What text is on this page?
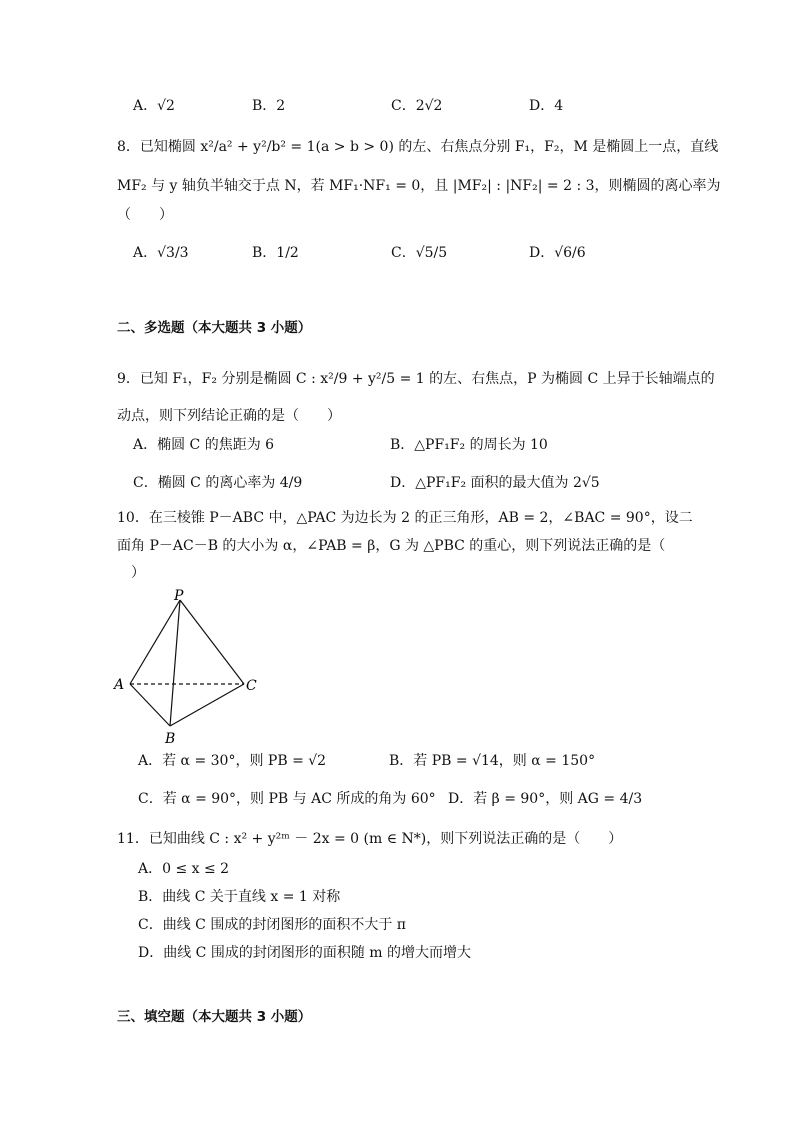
A．√2	B．2	C．2√2	D．4
8．已知椭圆 x²/a² + y²/b² = 1(a > b > 0) 的左、右焦点分别 F₁，F₂，M 是椭圆上一点，直线
MF₂ 与 y 轴负半轴交于点 N，若 MF₁·NF₁ = 0，且 |MF₂| : |NF₂| = 2 : 3，则椭圆的离心率为
（　　）
A．√3/3	B．1/2	C．√5/5	D．√6/6
二、多选题（本大题共 3 小题）
9．已知 F₁，F₂ 分别是椭圆 C : x²/9 + y²/5 = 1 的左、右焦点，P 为椭圆 C 上异于长轴端点的
动点，则下列结论正确的是（　　）
A．椭圆 C 的焦距为 6	B．△PF₁F₂ 的周长为 10
C．椭圆 C 的离心率为 4/9	D．△PF₁F₂ 面积的最大值为 2√5
10．在三棱锥 P－ABC 中，△PAC 为边长为 2 的正三角形，AB = 2，∠BAC = 90°，设二
面角 P－AC－B 的大小为 α，∠PAB = β，G 为 △PBC 的重心，则下列说法正确的是（
　）
P
A
B
C
A．若 α = 30°，则 PB = √2	B．若 PB = √14，则 α = 150°
C．若 α = 90°，则 PB 与 AC 所成的角为 60° D．若 β = 90°，则 AG = 4/3
11．已知曲线 C : x² + y²ᵐ － 2x = 0 (m ∈ N*)，则下列说法正确的是（　　）
A．0 ≤ x ≤ 2
B．曲线 C 关于直线 x = 1 对称
C．曲线 C 围成的封闭图形的面积不大于 π
D．曲线 C 围成的封闭图形的面积随 m 的增大而增大
三、填空题（本大题共 3 小题）
